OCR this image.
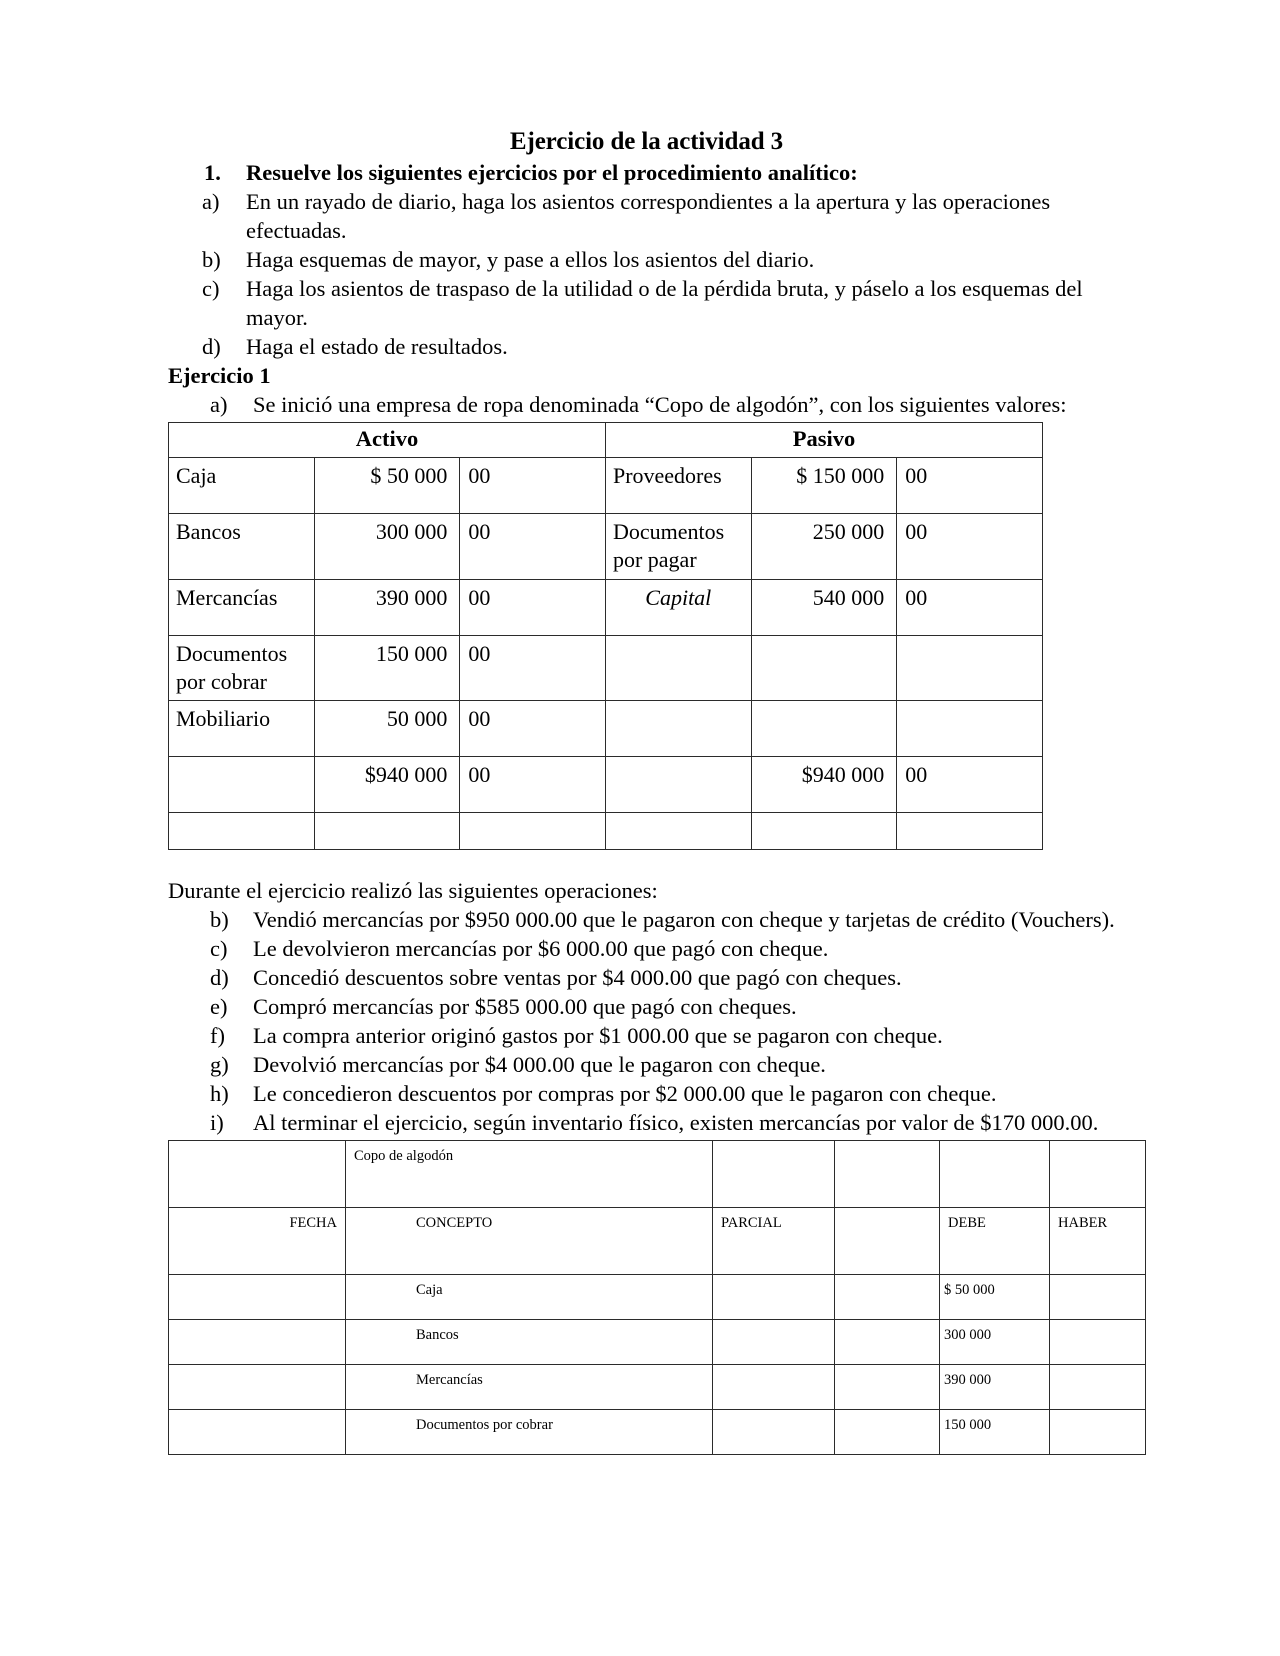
Ejercicio de la actividad 3
1.	Resuelve los siguientes ejercicios por el procedimiento analítico:
a)	En un rayado de diario, haga los asientos correspondientes a la apertura y las operaciones efectuadas.
b)	Haga esquemas de mayor, y pase a ellos los asientos del diario.
c)	Haga los asientos de traspaso de la utilidad o de la pérdida bruta, y páselo a los esquemas del mayor.
d)	Haga el estado de resultados.
Ejercicio 1
a)	Se inició una empresa de ropa denominada “Copo de algodón”, con los siguientes valores:
Activo			Pasivo		
Caja	$ 50 000	00	Proveedores	$ 150 000	00
Bancos	300 000	00	Documentos por pagar	250 000	00
Mercancías	390 000	00	Capital	540 000	00
Documentos por cobrar	150 000	00			
Mobiliario	50 000	00			
	$940 000	00		$940 000	00

Durante el ejercicio realizó las siguientes operaciones:
b)	Vendió mercancías por $950 000.00 que le pagaron con cheque y tarjetas de crédito (Vouchers).
c)	Le devolvieron mercancías por $6 000.00 que pagó con cheque.
d)	Concedió descuentos sobre ventas por $4 000.00 que pagó con cheques.
e)	Compró mercancías por $585 000.00 que pagó con cheques.
f)	La compra anterior originó gastos por $1 000.00 que se pagaron con cheque.
g)	Devolvió mercancías por $4 000.00 que le pagaron con cheque.
h)	Le concedieron descuentos por compras por $2 000.00 que le pagaron con cheque.
i)	Al terminar el ejercicio, según inventario físico, existen mercancías por valor de $170 000.00.
	Copo de algodón				
FECHA	CONCEPTO	PARCIAL		DEBE	HABER
	Caja			$ 50 000	
	Bancos			300 000	
	Mercancías			390 000	
	Documentos por cobrar			150 000	
